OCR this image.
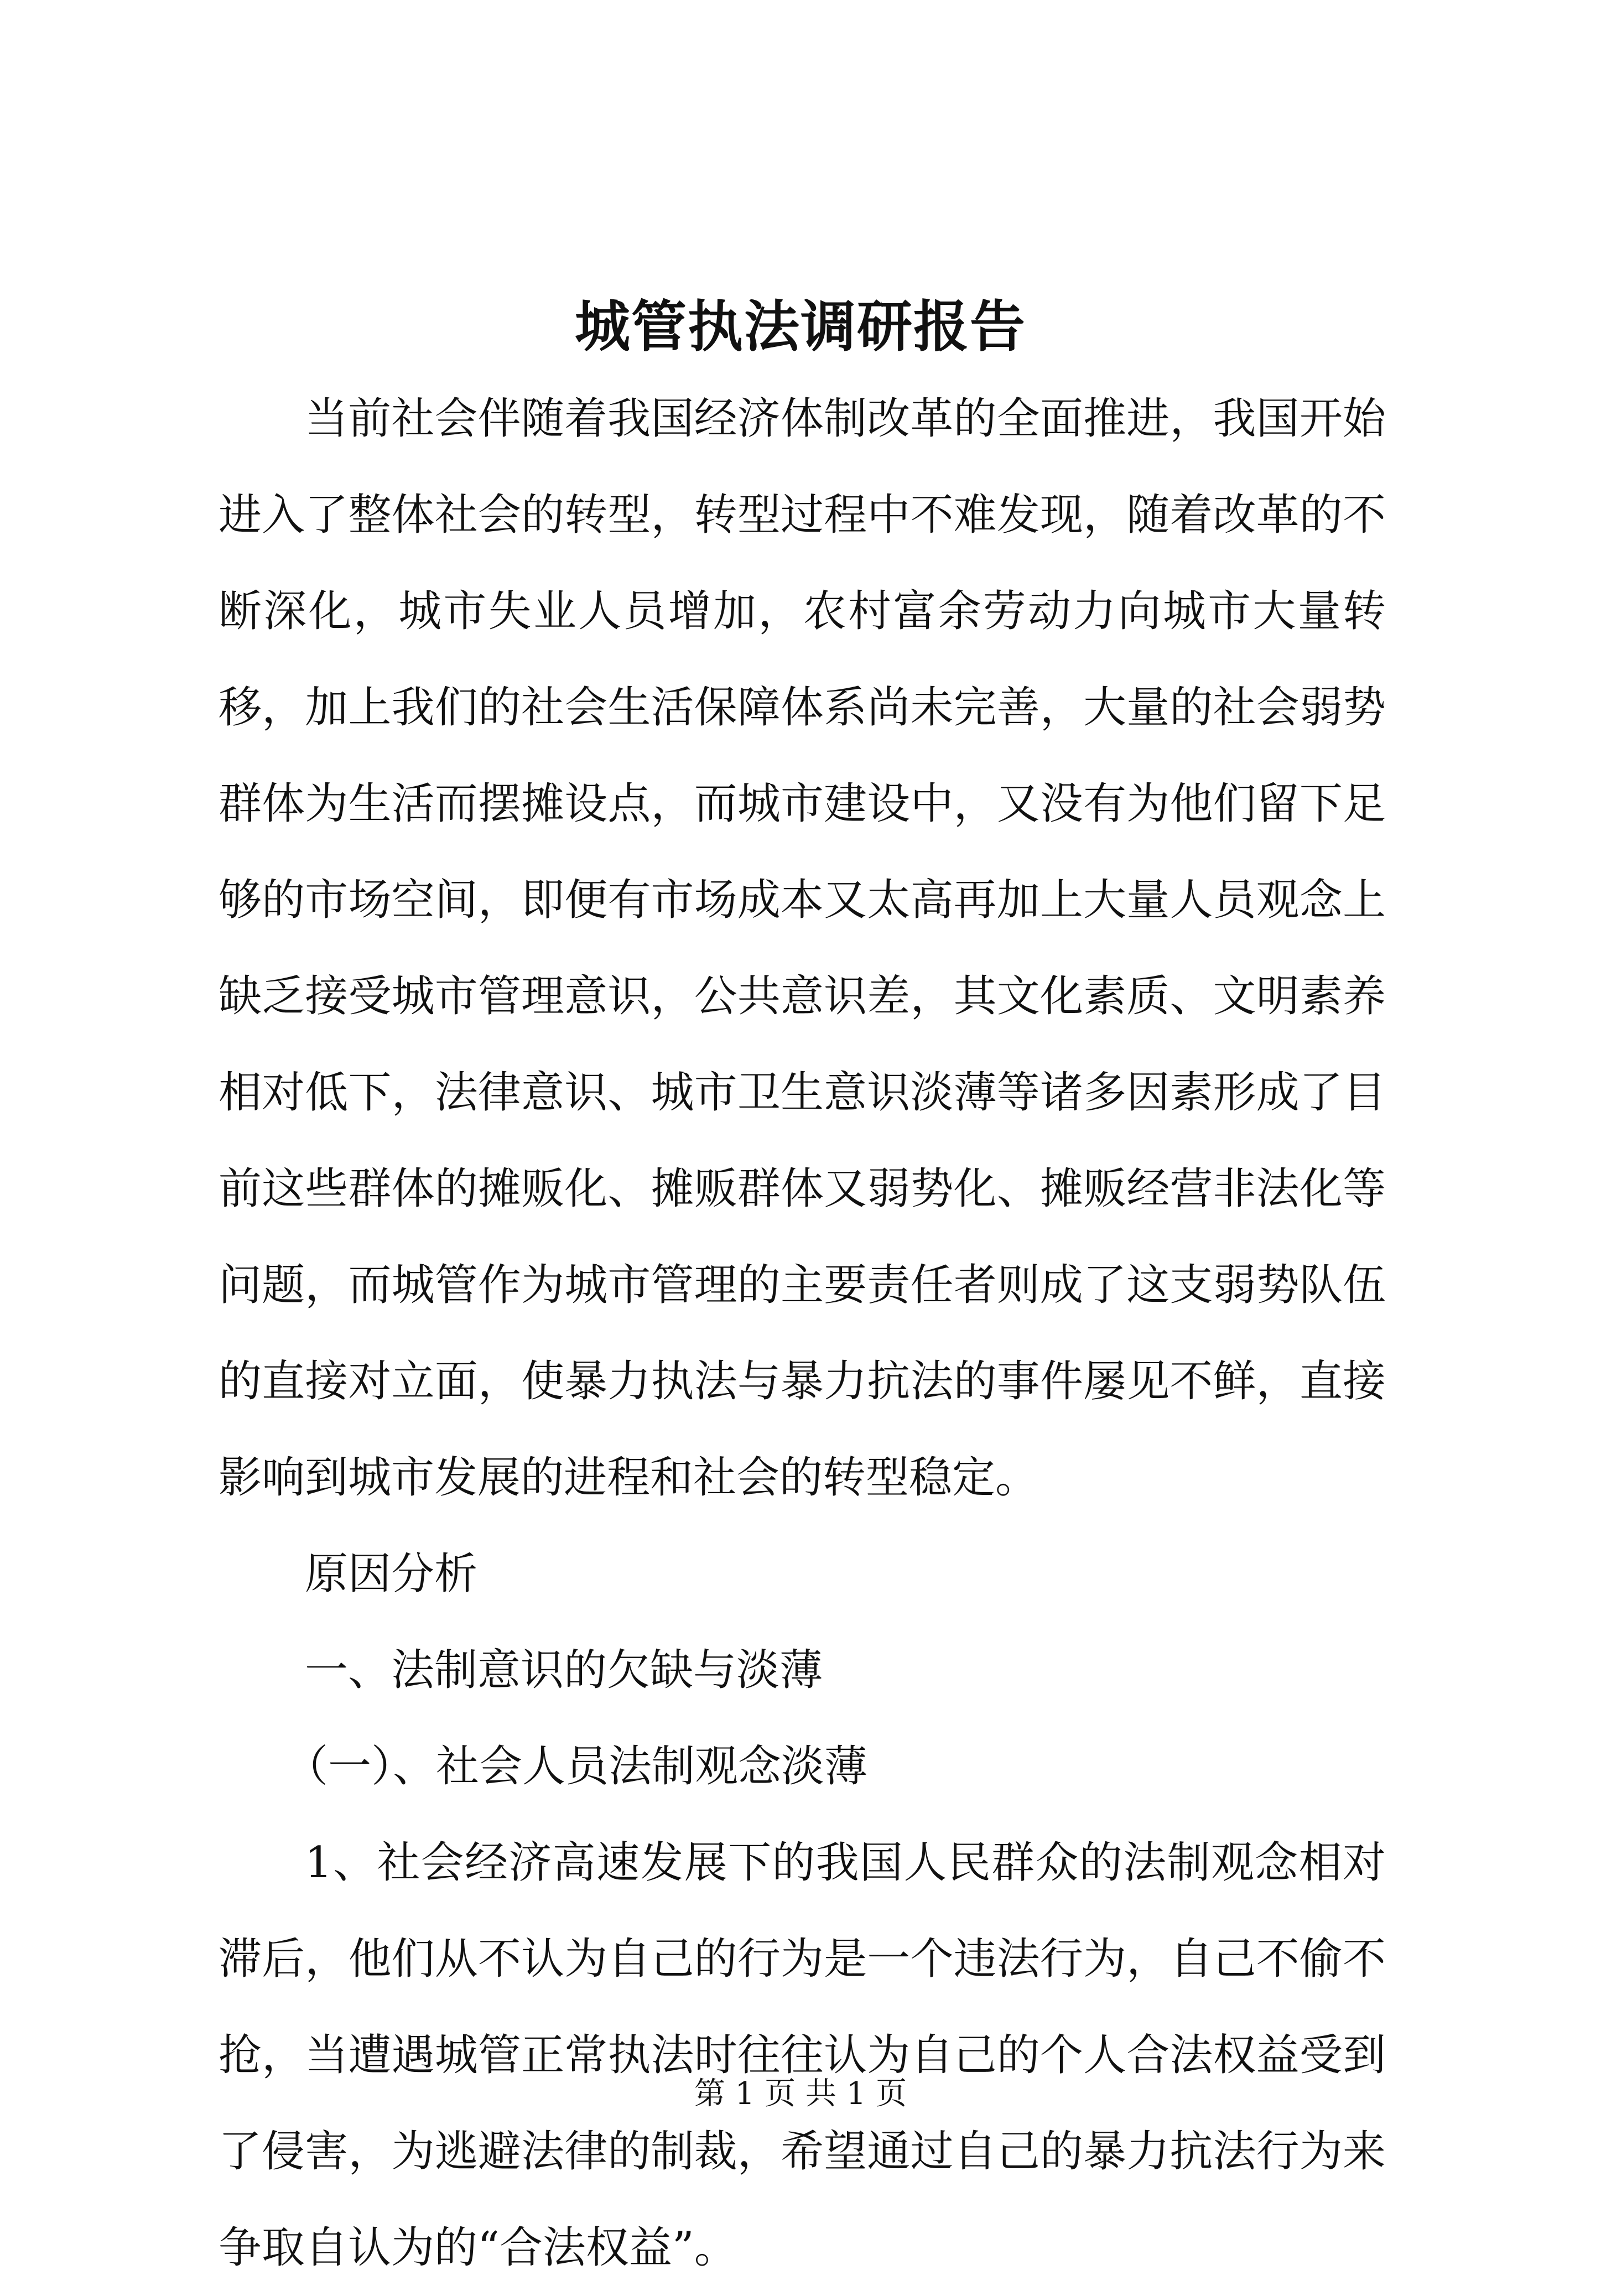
城管执法调研报告

当前社会伴随着我国经济体制改革的全面推进，我国开始进入了整体社会的转型，转型过程中不难发现，随着改革的不断深化，城市失业人员增加，农村富余劳动力向城市大量转移，加上我们的社会生活保障体系尚未完善，大量的社会弱势群体为生活而摆摊设点，而城市建设中，又没有为他们留下足够的市场空间，即便有市场成本又太高再加上大量人员观念上缺乏接受城市管理意识，公共意识差，其文化素质、文明素养相对低下，法律意识、城市卫生意识淡薄等诸多因素形成了目前这些群体的摊贩化、摊贩群体又弱势化、摊贩经营非法化等问题，而城管作为城市管理的主要责任者则成了这支弱势队伍的直接对立面，使暴力执法与暴力抗法的事件屡见不鲜，直接影响到城市发展的进程和社会的转型稳定。

原因分析

一、法制意识的欠缺与淡薄

（一）、社会人员法制观念淡薄

1、社会经济高速发展下的我国人民群众的法制观念相对滞后，他们从不认为自己的行为是一个违法行为，自己不偷不抢，当遭遇城管正常执法时往往认为自己的个人合法权益受到了侵害，为逃避法律的制裁，希望通过自己的暴力抗法行为来争取自认为的“合法权益”。

第 1 页 共 1 页
